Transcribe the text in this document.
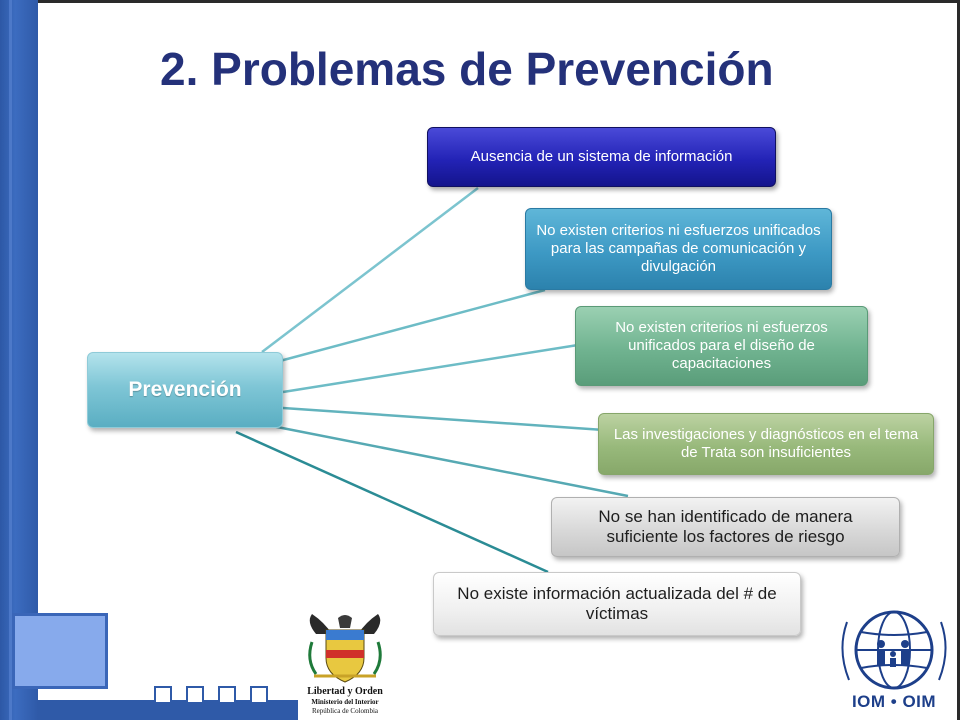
2. Problemas de Prevención
Prevención
Ausencia de un sistema de información
No existen criterios ni esfuerzos unificados para las campañas de comunicación y divulgación
No existen criterios ni esfuerzos unificados para el diseño de capacitaciones
Las investigaciones y diagnósticos en el tema de Trata son insuficientes
No se han identificado de manera suficiente los factores de riesgo
No existe información actualizada del # de víctimas
Libertad y Orden
Ministerio del Interior
República de Colombia	IOM • OIM
